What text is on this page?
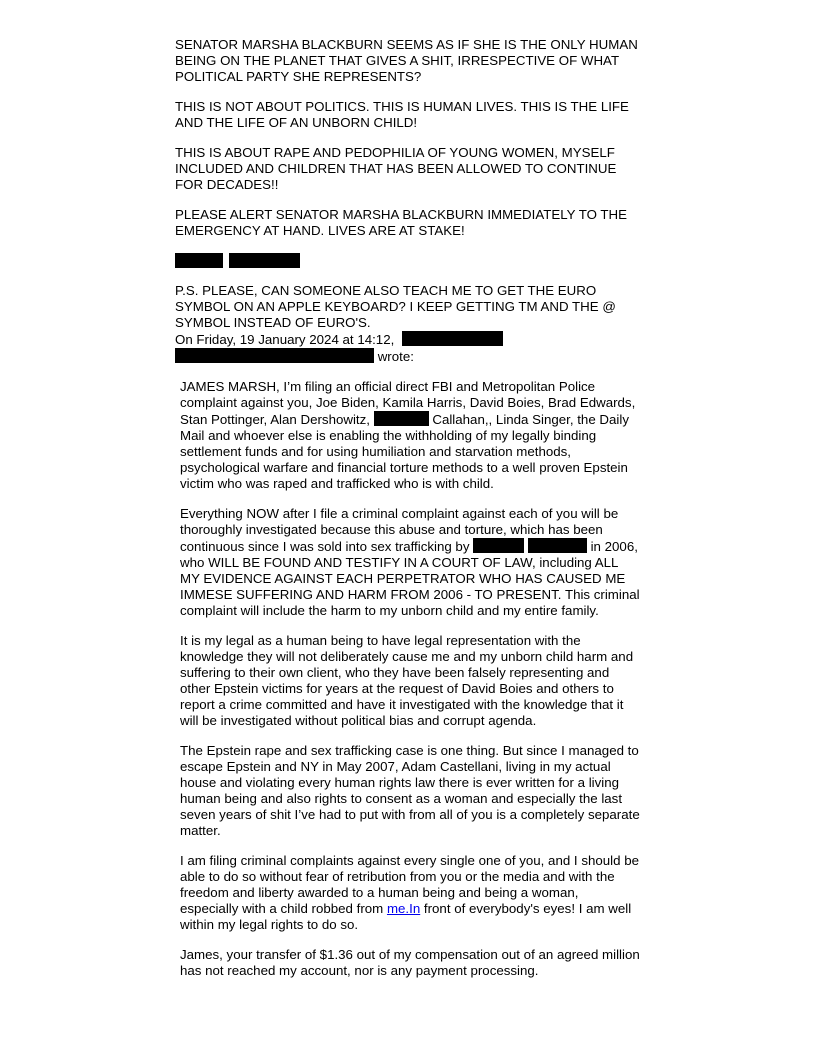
SENATOR MARSHA BLACKBURN SEEMS AS IF SHE IS THE ONLY HUMAN BEING ON THE PLANET THAT GIVES A SHIT, IRRESPECTIVE OF WHAT POLITICAL PARTY SHE REPRESENTS?

THIS IS NOT ABOUT POLITICS. THIS IS HUMAN LIVES. THIS IS THE LIFE AND THE LIFE OF AN UNBORN CHILD!

THIS IS ABOUT RAPE AND PEDOPHILIA OF YOUNG WOMEN, MYSELF INCLUDED AND CHILDREN THAT HAS BEEN ALLOWED TO CONTINUE FOR DECADES!!

PLEASE ALERT SENATOR MARSHA BLACKBURN IMMEDIATELY TO THE EMERGENCY AT HAND. LIVES ARE AT STAKE!

P.S. PLEASE, CAN SOMEONE ALSO TEACH ME TO GET THE EURO SYMBOL ON AN APPLE KEYBOARD? I KEEP GETTING TM AND THE @ SYMBOL INSTEAD OF EURO'S.
On Friday, 19 January 2024 at 14:12,
wrote:

JAMES MARSH, I’m filing an official direct FBI and Metropolitan Police complaint against you, Joe Biden, Kamila Harris, David Boies, Brad Edwards, Stan Pottinger, Alan Dershowitz,	Callahan,, Linda Singer, the Daily Mail and whoever else is enabling the withholding of my legally binding settlement funds and for using humiliation and starvation methods, psychological warfare and financial torture methods to a well proven Epstein victim who was raped and trafficked who is with child.

Everything NOW after I file a criminal complaint against each of you will be thoroughly investigated because this abuse and torture, which has been continuous since I was sold into sex trafficking by	in 2006, who WILL BE FOUND AND TESTIFY IN A COURT OF LAW, including ALL MY EVIDENCE AGAINST EACH PERPETRATOR WHO HAS CAUSED ME IMMESE SUFFERING AND HARM FROM 2006 - TO PRESENT. This criminal complaint will include the harm to my unborn child and my entire family.

It is my legal as a human being to have legal representation with the knowledge they will not deliberately cause me and my unborn child harm and suffering to their own client, who they have been falsely representing and other Epstein victims for years at the request of David Boies and others to report a crime committed and have it investigated with the knowledge that it will be investigated without political bias and corrupt agenda.

The Epstein rape and sex trafficking case is one thing. But since I managed to escape Epstein and NY in May 2007, Adam Castellani, living in my actual house and violating every human rights law there is ever written for a living human being and also rights to consent as a woman and especially the last seven years of shit I’ve had to put with from all of you is a completely separate matter.

I am filing criminal complaints against every single one of you, and I should be able to do so without fear of retribution from you or the media and with the freedom and liberty awarded to a human being and being a woman, especially with a child robbed from me.In front of everybody's eyes! I am well within my legal rights to do so.

James, your transfer of $1.36 out of my compensation out of an agreed million has not reached my account, nor is any payment processing.
